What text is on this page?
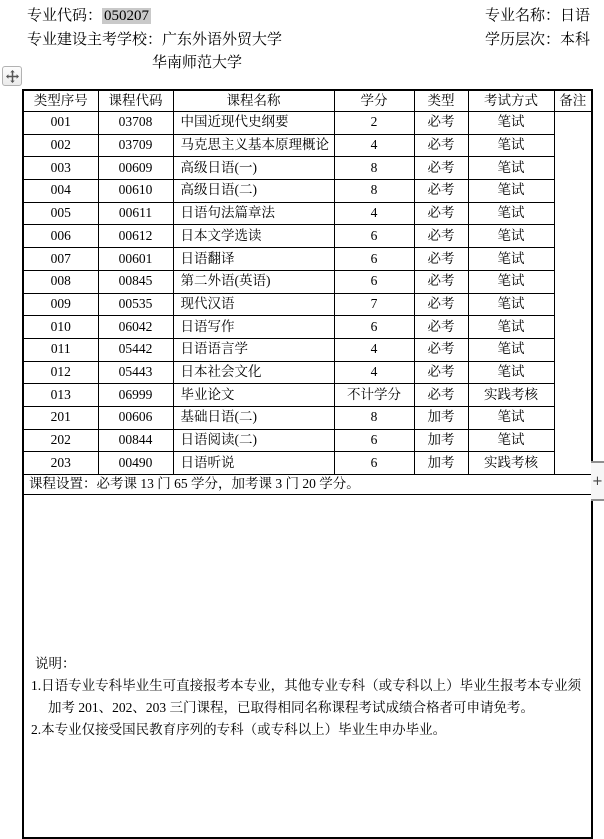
专业代码： 050207
专业建设主考学校：广东外语外贸大学
华南师范大学
专业名称：日语
学历层次：本科
类型序号	课程代码	课程名称	学分	类型	考试方式	备注
001	03708	中国近现代史纲要	2	必考	笔试	
002	03709	马克思主义基本原理概论	4	必考	笔试	
003	00609	高级日语(一)	8	必考	笔试	
004	00610	高级日语(二)	8	必考	笔试	
005	00611	日语句法篇章法	4	必考	笔试	
006	00612	日本文学选读	6	必考	笔试	
007	00601	日语翻译	6	必考	笔试	
008	00845	第二外语(英语)	6	必考	笔试	
009	00535	现代汉语	7	必考	笔试	
010	06042	日语写作	6	必考	笔试	
011	05442	日语语言学	4	必考	笔试	
012	05443	日本社会文化	4	必考	笔试	
013	06999	毕业论文	不计学分	必考	实践考核	
201	00606	基础日语(二)	8	加考	笔试	
202	00844	日语阅读(二)	6	加考	笔试	
203	00490	日语听说	6	加考	实践考核	
课程设置：必考课 13 门 65 学分，加考课 3 门 20 学分。						

说明：
1.日语专业专科毕业生可直接报考本专业，其他专业专科（或专科以上）毕业生报考本专业须
加考 201、202、203 三门课程，已取得相同名称课程考试成绩合格者可申请免考。
2.本专业仅接受国民教育序列的专科（或专科以上）毕业生申办毕业。						
+
